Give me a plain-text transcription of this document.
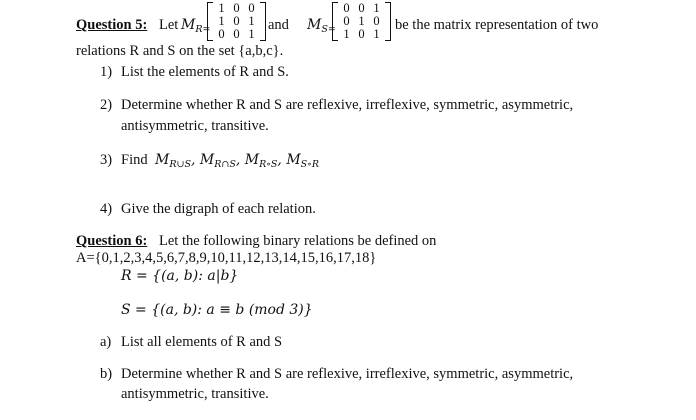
Question 5: Let $M_{R=}$
1 0 0
1 0 1
0 0 1
and $M_{S=}$
0 0 1
0 1 0
1 0 1
be the matrix representation of two
relations R and S on the set {a,b,c}.
1) List the elements of R and S.
2) Determine whether R and S are reflexive, irreflexive, symmetric, asymmetric,
antisymmetric, transitive.
3) Find $M_{R\cup S}$, $M_{R\cap S}$, $M_{R\circ S}$, $M_{S\circ R}$
4) Give the digraph of each relation.
Question 6: Let the following binary relations be defined on
A={0,1,2,3,4,5,6,7,8,9,10,11,12,13,14,15,16,17,18}
R = {(a, b): a|b}
S = {(a, b): a ≡ b (mod 3)}
a) List all elements of R and S
b) Determine whether R and S are reflexive, irreflexive, symmetric, asymmetric,
antisymmetric, transitive.
